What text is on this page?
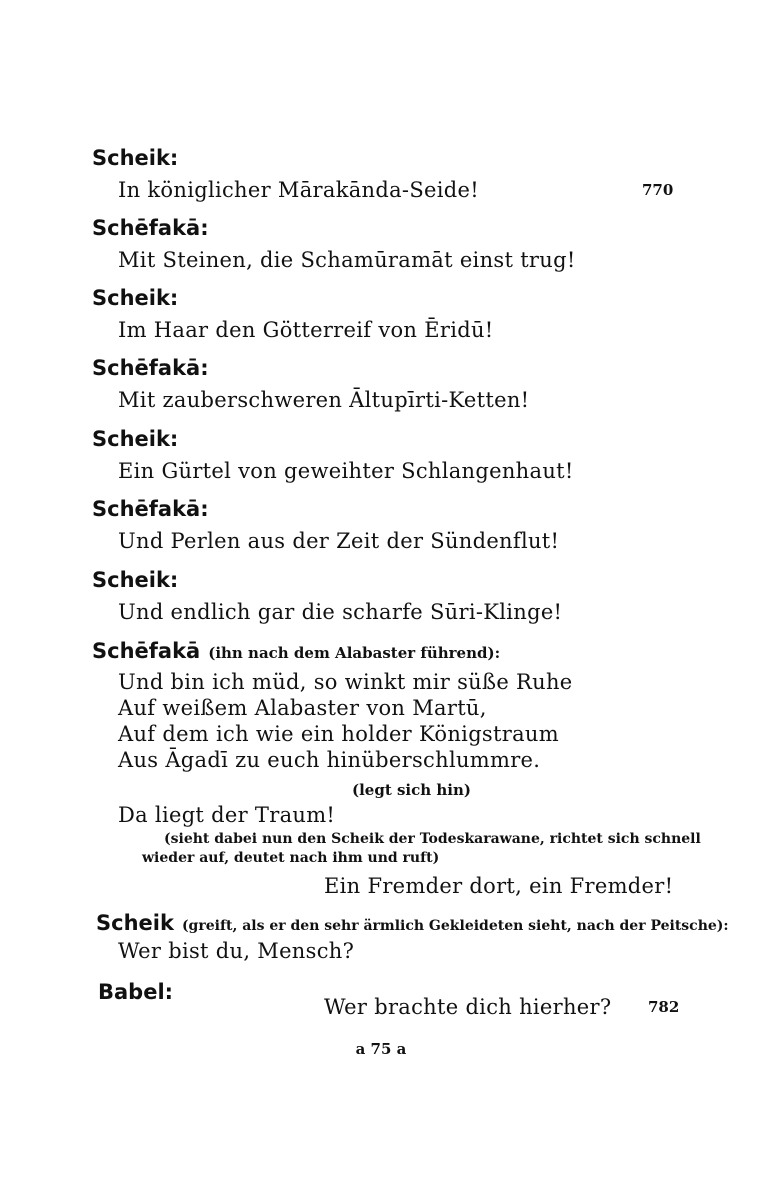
Scheik:
In königlicher Mārakānda-Seide!	770
Schēfakā:
Mit Steinen, die Schamūramāt einst trug!
Scheik:
Im Haar den Götterreif von Ēridū!
Schēfakā:
Mit zauberschweren Āltupīrti-Ketten!
Scheik:
Ein Gürtel von geweihter Schlangenhaut!
Schēfakā:
Und Perlen aus der Zeit der Sündenflut!
Scheik:
Und endlich gar die scharfe Sūri-Klinge!
Schēfakā (ihn nach dem Alabaster führend):
Und bin ich müd, so winkt mir süße Ruhe
Auf weißem Alabaster von Martū,
Auf dem ich wie ein holder Königstraum
Aus Āgadī zu euch hinüberschlummre.
(legt sich hin)
Da liegt der Traum!
(sieht dabei nun den Scheik der Todeskarawane, richtet sich schnell
wieder auf, deutet nach ihm und ruft)
Ein Fremder dort, ein Fremder!
Scheik (greift, als er den sehr ärmlich Gekleideten sieht, nach der Peitsche):
Wer bist du, Mensch?
Babel:
Wer brachte dich hierher? 782
a 75 a
